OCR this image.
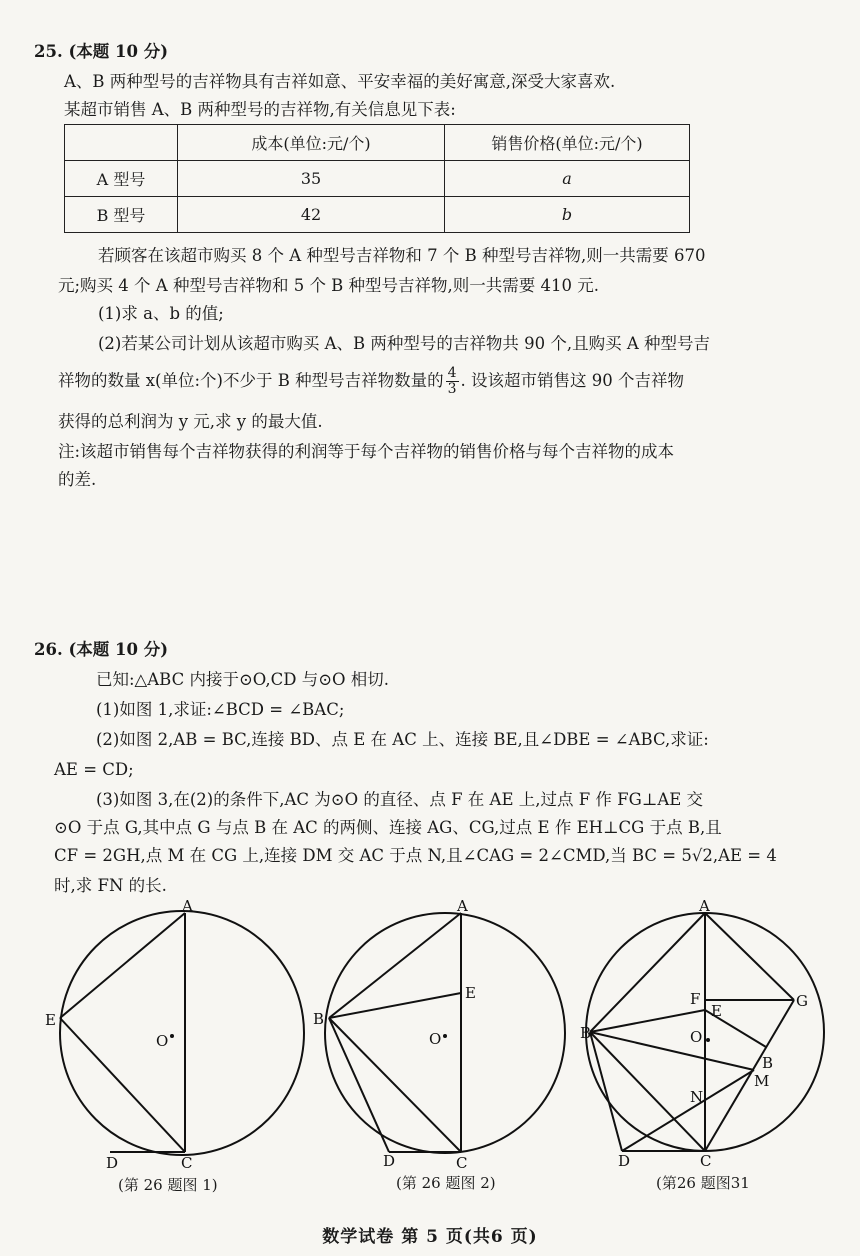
25. (本题 10 分)
A、B 两种型号的吉祥物具有吉祥如意、平安幸福的美好寓意,深受大家喜欢.
某超市销售 A、B 两种型号的吉祥物,有关信息见下表:
	成本(单位:元/个)	销售价格(单位:元/个)
A 型号	35	a
B 型号	42	b
若顾客在该超市购买 8 个 A 种型号吉祥物和 7 个 B 种型号吉祥物,则一共需要 670
元;购买 4 个 A 种型号吉祥物和 5 个 B 种型号吉祥物,则一共需要 410 元.
(1)求 a、b 的值;
(2)若某公司计划从该超市购买 A、B 两种型号的吉祥物共 90 个,且购买 A 种型号吉
祥物的数量 x(单位:个)不少于 B 种型号吉祥物数量的 $\frac{4}{3}$ . 设该超市销售这 90 个吉祥物
获得的总利润为 y 元,求 y 的最大值.
注:该超市销售每个吉祥物获得的利润等于每个吉祥物的销售价格与每个吉祥物的成本
的差.
26. (本题 10 分)
已知:△ABC 内接于⊙O,CD 与⊙O 相切.
(1)如图 1,求证:∠BCD = ∠BAC;
(2)如图 2,AB = BC,连接 BD、点 E 在 AC 上、连接 BE,且∠DBE = ∠ABC,求证:
AE = CD;
(3)如图 3,在(2)的条件下,AC 为⊙O 的直径、点 F 在 AE 上,过点 F 作 FG⊥AE 交
⊙O 于点 G,其中点 G 与点 B 在 AC 的两侧、连接 AG、CG,过点 E 作 EH⊥CG 于点 B,且
CF = 2GH,点 M 在 CG 上,连接 DM 交 AC 于点 N,且∠CAG = 2∠CMD,当 BC = 5√2,AE = 4
时,求 FN 的长.
A
E
O
D	C
(第 26 题图 1)
A
E
B
O
D	C
(第 26 题图 2)
A
F
E
G
B	O
B
M
N
D	C
(第26 题图31
数学试卷 第 5 页(共6 页)
